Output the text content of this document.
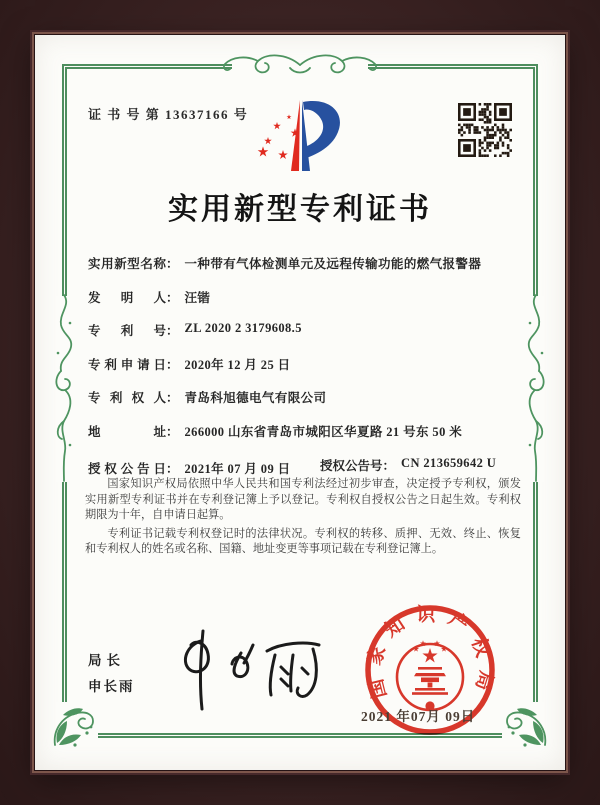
证 书 号 第 13637166 号
实用新型专利证书
实用新型名称： 一种带有气体检测单元及远程传输功能的燃气报警器
发明人： 汪锴
专利号： ZL 2020 2 3179608.5
专利申请日： 2020年 12 月 25 日
专利权人： 青岛科旭德电气有限公司
地址： 266000 山东省青岛市城阳区华夏路 21 号东 50 米
授权公告日： 2021年 07 月 09 日 授权公告号： CN 213659642 U

国家知识产权局依照中华人民共和国专利法经过初步审查，决定授予专利权，颁发实用新型专利证书并在专利登记簿上予以登记。专利权自授权公告之日起生效。专利权期限为十年，自申请日起算。

专利证书记载专利权登记时的法律状况。专利权的转移、质押、无效、终止、恢复和专利权人的姓名或名称、国籍、地址变更等事项记载在专利登记簿上。

局长
申长雨	国家知识产权局
2021 年07月 09日
